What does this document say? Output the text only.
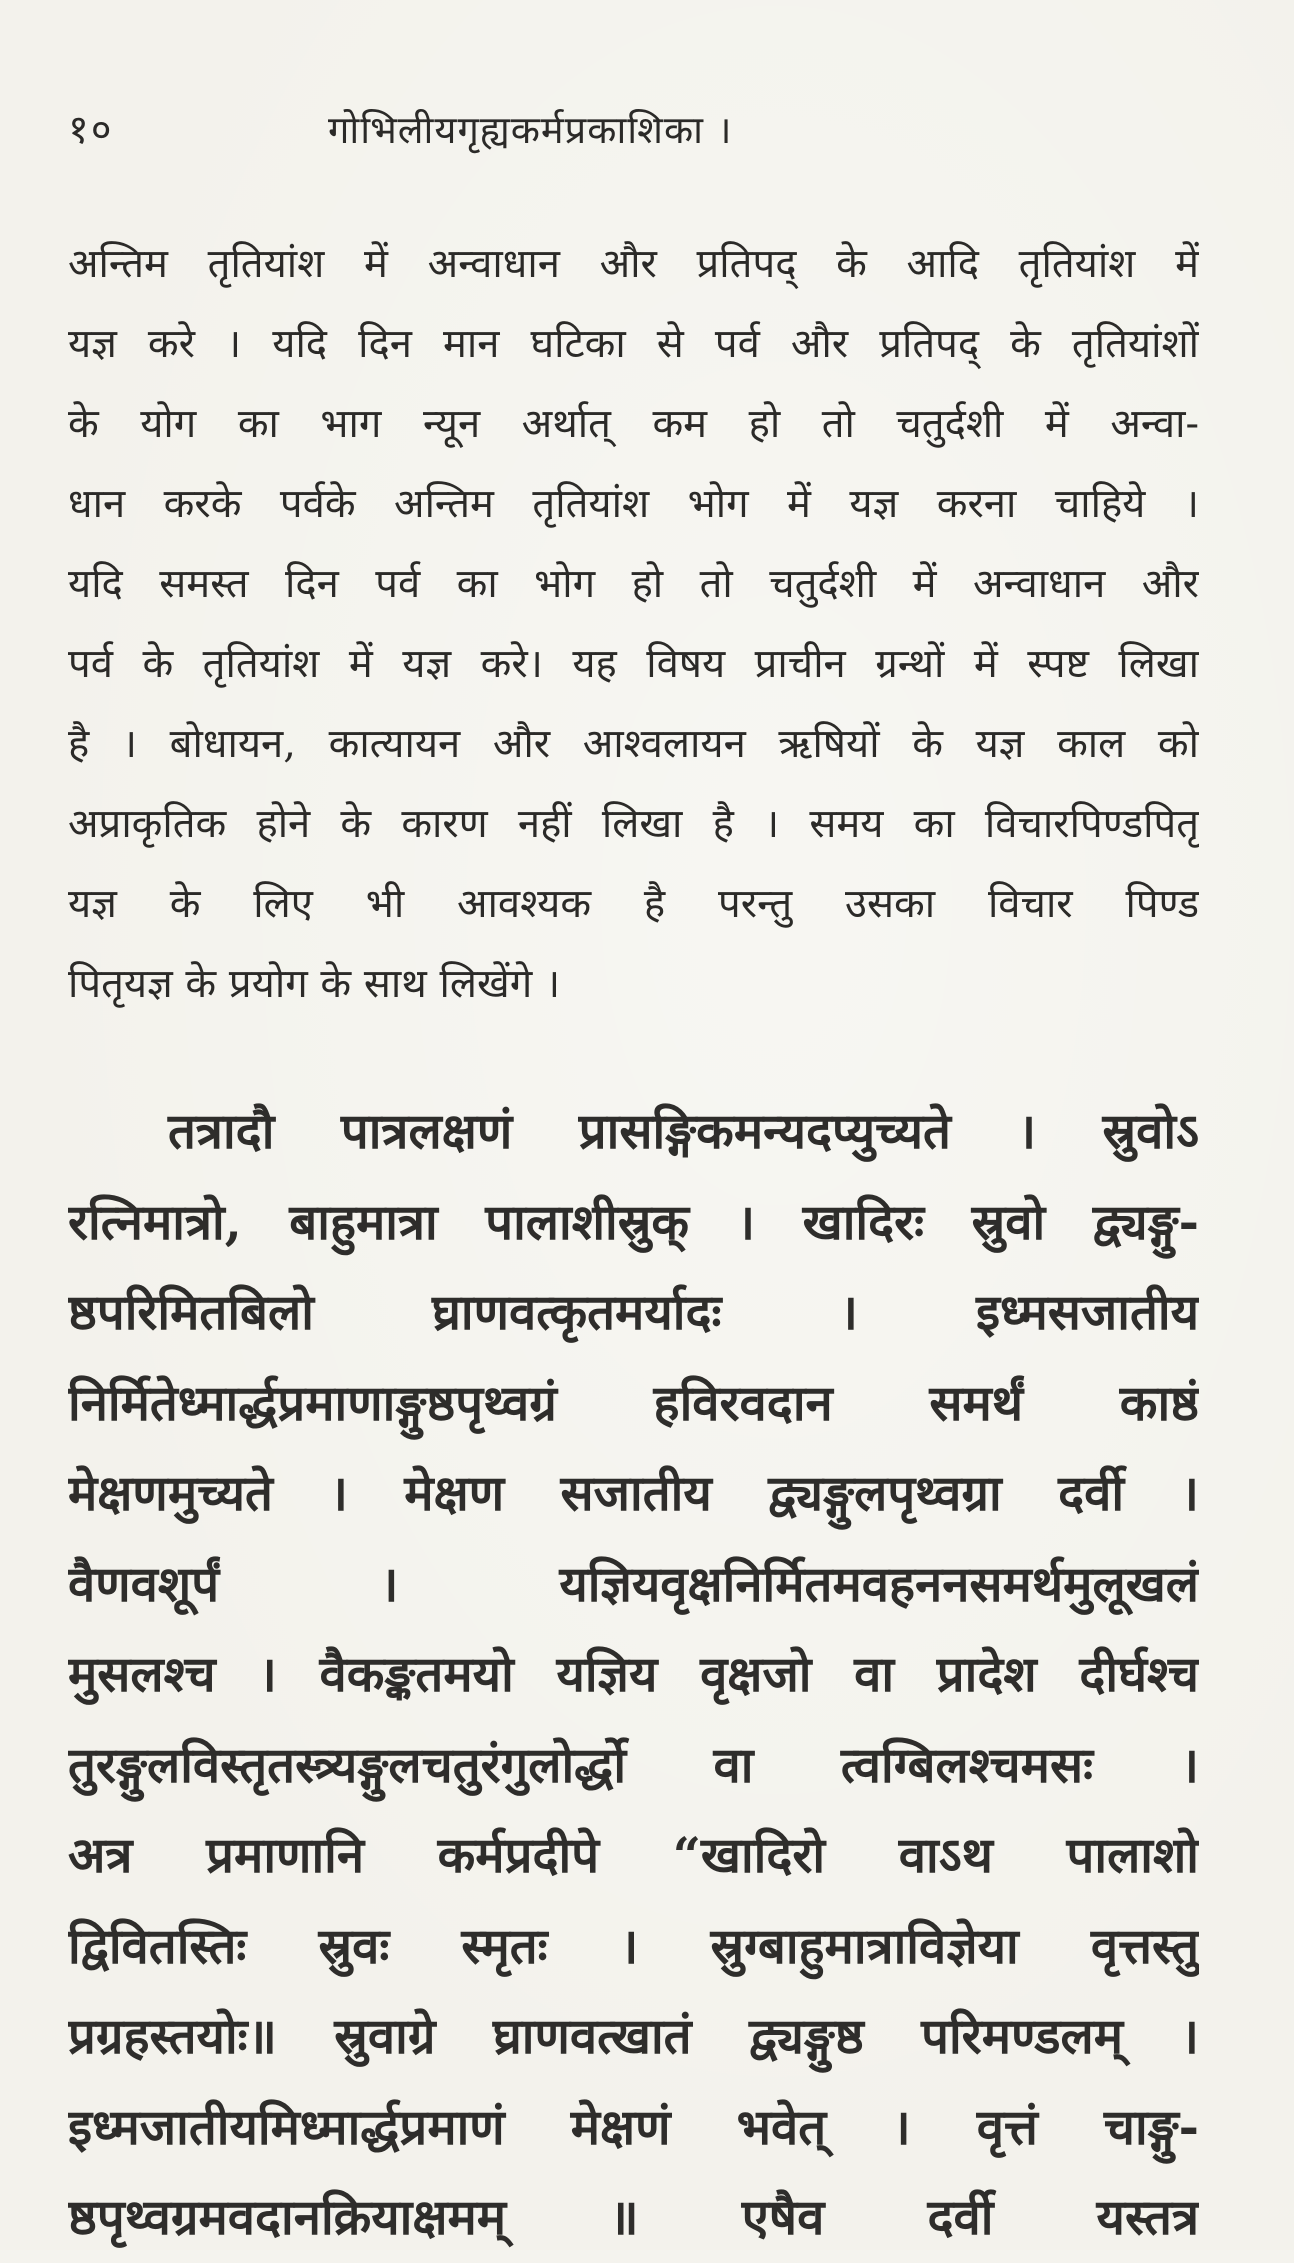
१०	गोभिलीयगृह्यकर्मप्रकाशिका ।
अन्तिम तृतियांश में अन्वाधान और प्रतिपद् के आदि तृतियांश में
यज्ञ करे । यदि दिन मान घटिका से पर्व और प्रतिपद् के तृतियांशों
के योग का भाग न्यून अर्थात् कम हो तो चतुर्दशी में अन्वा-
धान करके पर्वके अन्तिम तृतियांश भोग में यज्ञ करना चाहिये ।
यदि समस्त दिन पर्व का भोग हो तो चतुर्दशी में अन्वाधान और
पर्व के तृतियांश में यज्ञ करे। यह विषय प्राचीन ग्रन्थों में स्पष्ट लिखा
है । बोधायन, कात्यायन और आश्वलायन ऋषियों के यज्ञ काल को
अप्राकृतिक होने के कारण नहीं लिखा है । समय का विचारपिण्डपितृ
यज्ञ के लिए भी आवश्यक है परन्तु उसका विचार पिण्ड
पितृयज्ञ के प्रयोग के साथ लिखेंगे ।
तत्रादौ पात्रलक्षणं प्रासङ्गिकमन्यदप्युच्यते । स्रुवोऽ
रत्निमात्रो, बाहुमात्रा पालाशीस्रुक् । खादिरः स्रुवो द्व्यङ्गु-
ष्ठपरिमितबिलो घ्राणवत्कृतमर्यादः । इध्मसजातीय
निर्मितेध्मार्द्धप्रमाणाङ्गुष्ठपृथ्वग्रं हविरवदान समर्थं काष्ठं
मेक्षणमुच्यते । मेक्षण सजातीय द्व्यङ्गुलपृथ्वग्रा दर्वी ।
वैणवशूर्पं । यज्ञियवृक्षनिर्मितमवहननसमर्थमुलूखलं
मुसलश्च । वैकङ्कतमयो यज्ञिय वृक्षजो वा प्रादेश दीर्घश्च
तुरङ्गुलविस्तृतस्त्र्यङ्गुलचतुरंगुलोर्द्धो वा त्वग्बिलश्चमसः ।
अत्र प्रमाणानि कर्मप्रदीपे “खादिरो वाऽथ पालाशो
द्विवितस्तिः स्रुवः स्मृतः । स्रुग्बाहुमात्राविज्ञेया वृत्तस्तु
प्रग्रहस्तयोः॥ स्रुवाग्रे घ्राणवत्खातं द्व्यङ्गुष्ठ परिमण्डलम् ।
इध्मजातीयमिध्मार्द्धप्रमाणं मेक्षणं भवेत् । वृत्तं चाङ्गु-
ष्ठपृथ्वग्रमवदानक्रियाक्षमम् ॥ एषैव दर्वी यस्तत्र
